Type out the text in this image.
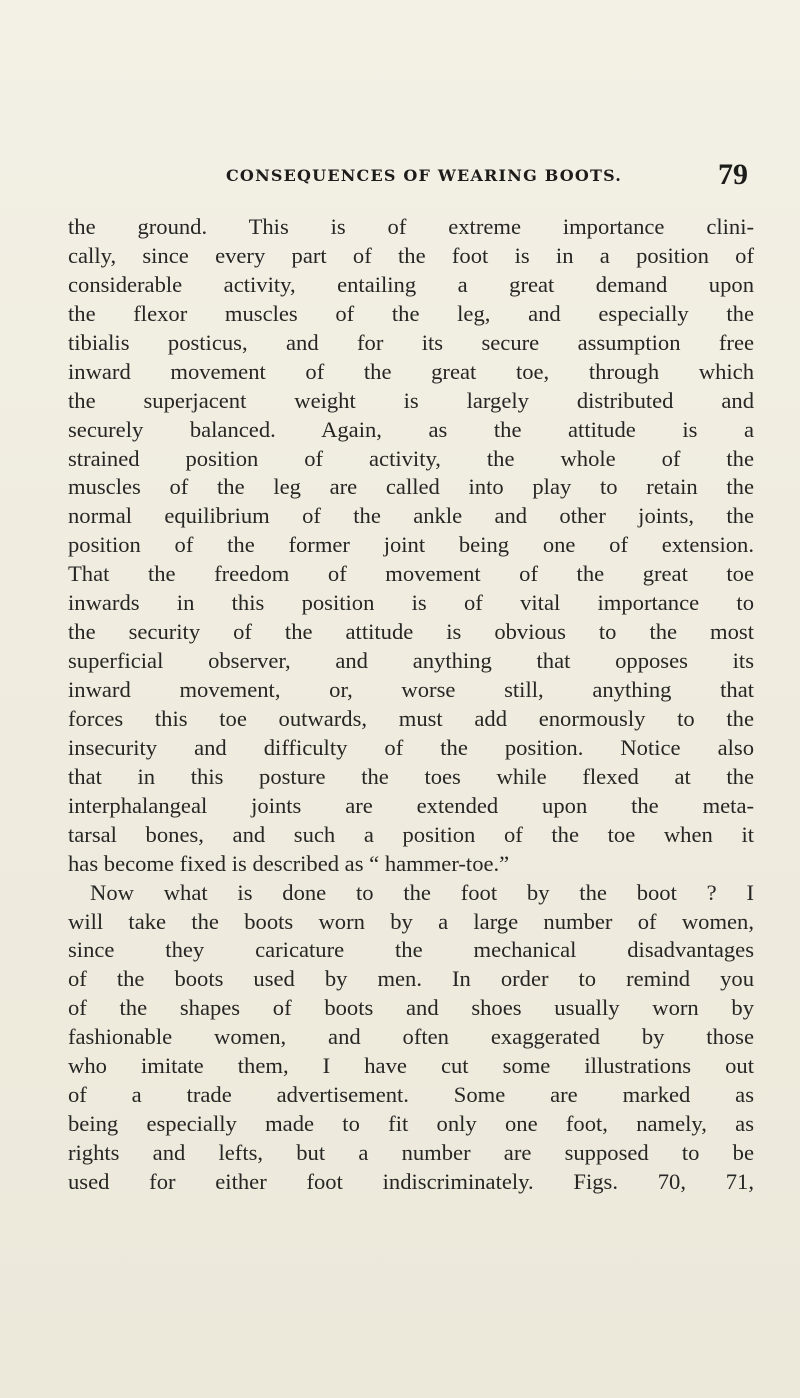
CONSEQUENCES OF WEARING BOOTS.	79
the ground. This is of extreme importance clini-
cally, since every part of the foot is in a position of
considerable activity, entailing a great demand upon
the flexor muscles of the leg, and especially the
tibialis posticus, and for its secure assumption free
inward movement of the great toe, through which
the superjacent weight is largely distributed and
securely balanced. Again, as the attitude is a
strained position of activity, the whole of the
muscles of the leg are called into play to retain the
normal equilibrium of the ankle and other joints, the
position of the former joint being one of extension.
That the freedom of movement of the great toe
inwards in this position is of vital importance to
the security of the attitude is obvious to the most
superficial observer, and anything that opposes its
inward movement, or, worse still, anything that
forces this toe outwards, must add enormously to the
insecurity and difficulty of the position. Notice also
that in this posture the toes while flexed at the
interphalangeal joints are extended upon the meta-
tarsal bones, and such a position of the toe when it
has become fixed is described as “ hammer-toe.”
Now what is done to the foot by the boot ? I
will take the boots worn by a large number of women,
since they caricature the mechanical disadvantages
of the boots used by men. In order to remind you
of the shapes of boots and shoes usually worn by
fashionable women, and often exaggerated by those
who imitate them, I have cut some illustrations out
of a trade advertisement. Some are marked as
being especially made to fit only one foot, namely, as
rights and lefts, but a number are supposed to be
used for either foot indiscriminately. Figs. 70, 71,
